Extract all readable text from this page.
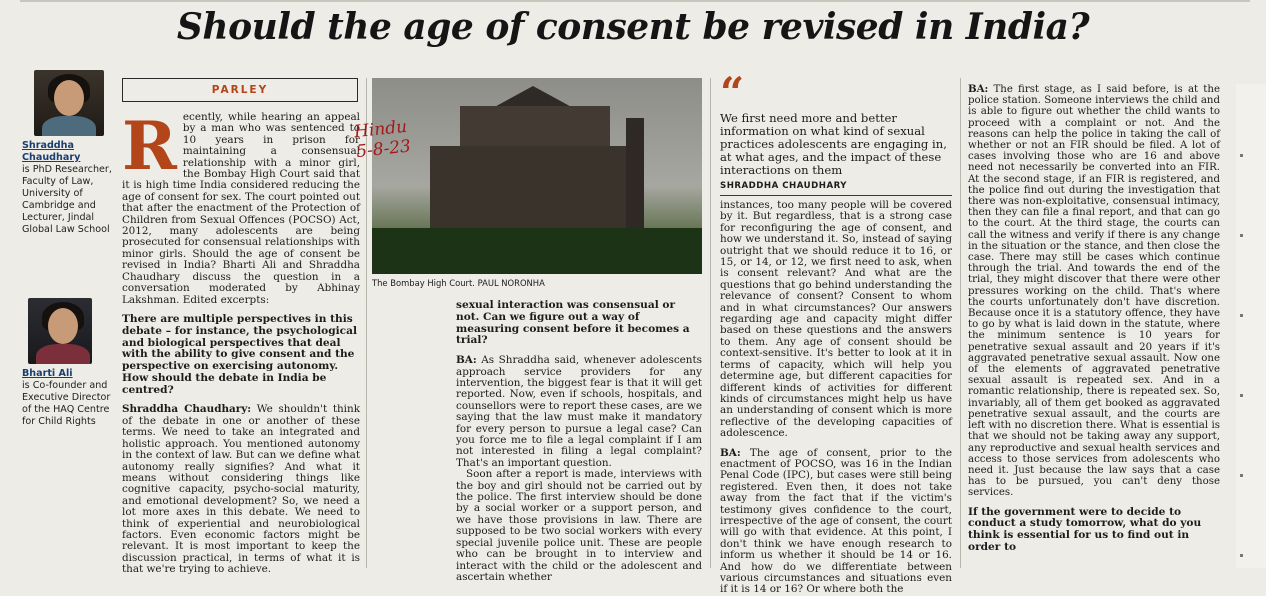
Should the age of consent be revised in India?
Shraddha
Chaudhary
is PhD Researcher, Faculty of Law, University of Cambridge and Lecturer, Jindal Global Law School
Bharti Ali
is Co-founder and Executive Director of the HAQ Centre for Child Rights
PARLEY
R ecently, while hearing an appeal by a man who was sentenced to 10 years in prison for maintaining a consensual relationship with a minor girl, the Bombay High Court said that it is high time India considered reducing the age of consent for sex. The court pointed out that after the enactment of the Protection of Children from Sexual Offences (POCSO) Act, 2012, many adolescents are being prosecuted for consensual relationships with minor girls. Should the age of consent be revised in India? Bharti Ali and Shraddha Chaudhary discuss the question in a conversation moderated by Abhinay Lakshman. Edited excerpts:

There are multiple perspectives in this debate – for instance, the psychological and biological perspectives that deal with the ability to give consent and the perspective on exercising autonomy. How should the debate in India be centred?

Shraddha Chaudhary: We shouldn't think of the debate in one or another of these terms. We need to take an integrated and holistic approach. You mentioned autonomy in the context of law. But can we define what autonomy really signifies? And what it means without considering things like cognitive capacity, psycho-social maturity, and emotional development? So, we need a lot more axes in this debate. We need to think of experiential and neurobiological factors. Even economic factors might be relevant. It is most important to keep the discussion practical, in terms of what it is that we're trying to achieve.

The Bombay High Court. PAUL NORONHA
Hindu
5-8-23

sexual interaction was consensual or not. Can we figure out a way of measuring consent before it becomes a trial?

BA: As Shraddha said, whenever adolescents approach service providers for any intervention, the biggest fear is that it will get reported. Now, even if schools, hospitals, and counsellors were to report these cases, are we saying that the law must make it mandatory for every person to pursue a legal case? Can you force me to file a legal complaint if I am not interested in filing a legal complaint? That's an important question.

Soon after a report is made, interviews with the boy and girl should not be carried out by the police. The first interview should be done by a social worker or a support person, and we have those provisions in law. There are supposed to be two social workers with every special juvenile police unit. These are people who can be brought in to interview and interact with the child or the adolescent and ascertain whether

“
We first need more and better information on what kind of sexual practices adolescents are engaging in, at what ages, and the impact of these interactions on them
SHRADDHA CHAUDHARY

instances, too many people will be covered by it. But regardless, that is a strong case for reconfiguring the age of consent, and how we understand it. So, instead of saying outright that we should reduce it to 16, or 15, or 14, or 12, we first need to ask, when is consent relevant? And what are the questions that go behind understanding the relevance of consent? Consent to whom and in what circumstances? Our answers regarding age and capacity might differ based on these questions and the answers to them. Any age of consent should be context-sensitive. It's better to look at it in terms of capacity, which will help you determine age, but different capacities for different kinds of activities for different kinds of circumstances might help us have an understanding of consent which is more reflective of the developing capacities of adolescence.

BA: The age of consent, prior to the enactment of POCSO, was 16 in the Indian Penal Code (IPC), but cases were still being registered. Even then, it does not take away from the fact that if the victim's testimony gives confidence to the court, irrespective of the age of consent, the court will go with that evidence. At this point, I don't think we have enough research to inform us whether it should be 14 or 16. And how do we differentiate between various circumstances and situations even if it is 14 or 16? Or where both the

BA: The first stage, as I said before, is at the police station. Someone interviews the child and is able to figure out whether the child wants to proceed with a complaint or not. And the reasons can help the police in taking the call of whether or not an FIR should be filed. A lot of cases involving those who are 16 and above need not necessarily be converted into an FIR. At the second stage, if an FIR is registered, and the police find out during the investigation that there was non-exploitative, consensual intimacy, then they can file a final report, and that can go to the court. At the third stage, the courts can call the witness and verify if there is any change in the situation or the stance, and then close the case. There may still be cases which continue through the trial. And towards the end of the trial, they might discover that there were other pressures working on the child. That's where the courts unfortunately don't have discretion. Because once it is a statutory offence, they have to go by what is laid down in the statute, where the minimum sentence is 10 years for penetrative sexual assault and 20 years if it's aggravated penetrative sexual assault. Now one of the elements of aggravated penetrative sexual assault is repeated sex. And in a romantic relationship, there is repeated sex. So, invariably, all of them get booked as aggravated penetrative sexual assault, and the courts are left with no discretion there. What is essential is that we should not be taking away any support, any reproductive and sexual health services and access to those services from adolescents who need it. Just because the law says that a case has to be pursued, you can't deny those services.

If the government were to decide to conduct a study tomorrow, what do you think is essential for us to find out in order to
